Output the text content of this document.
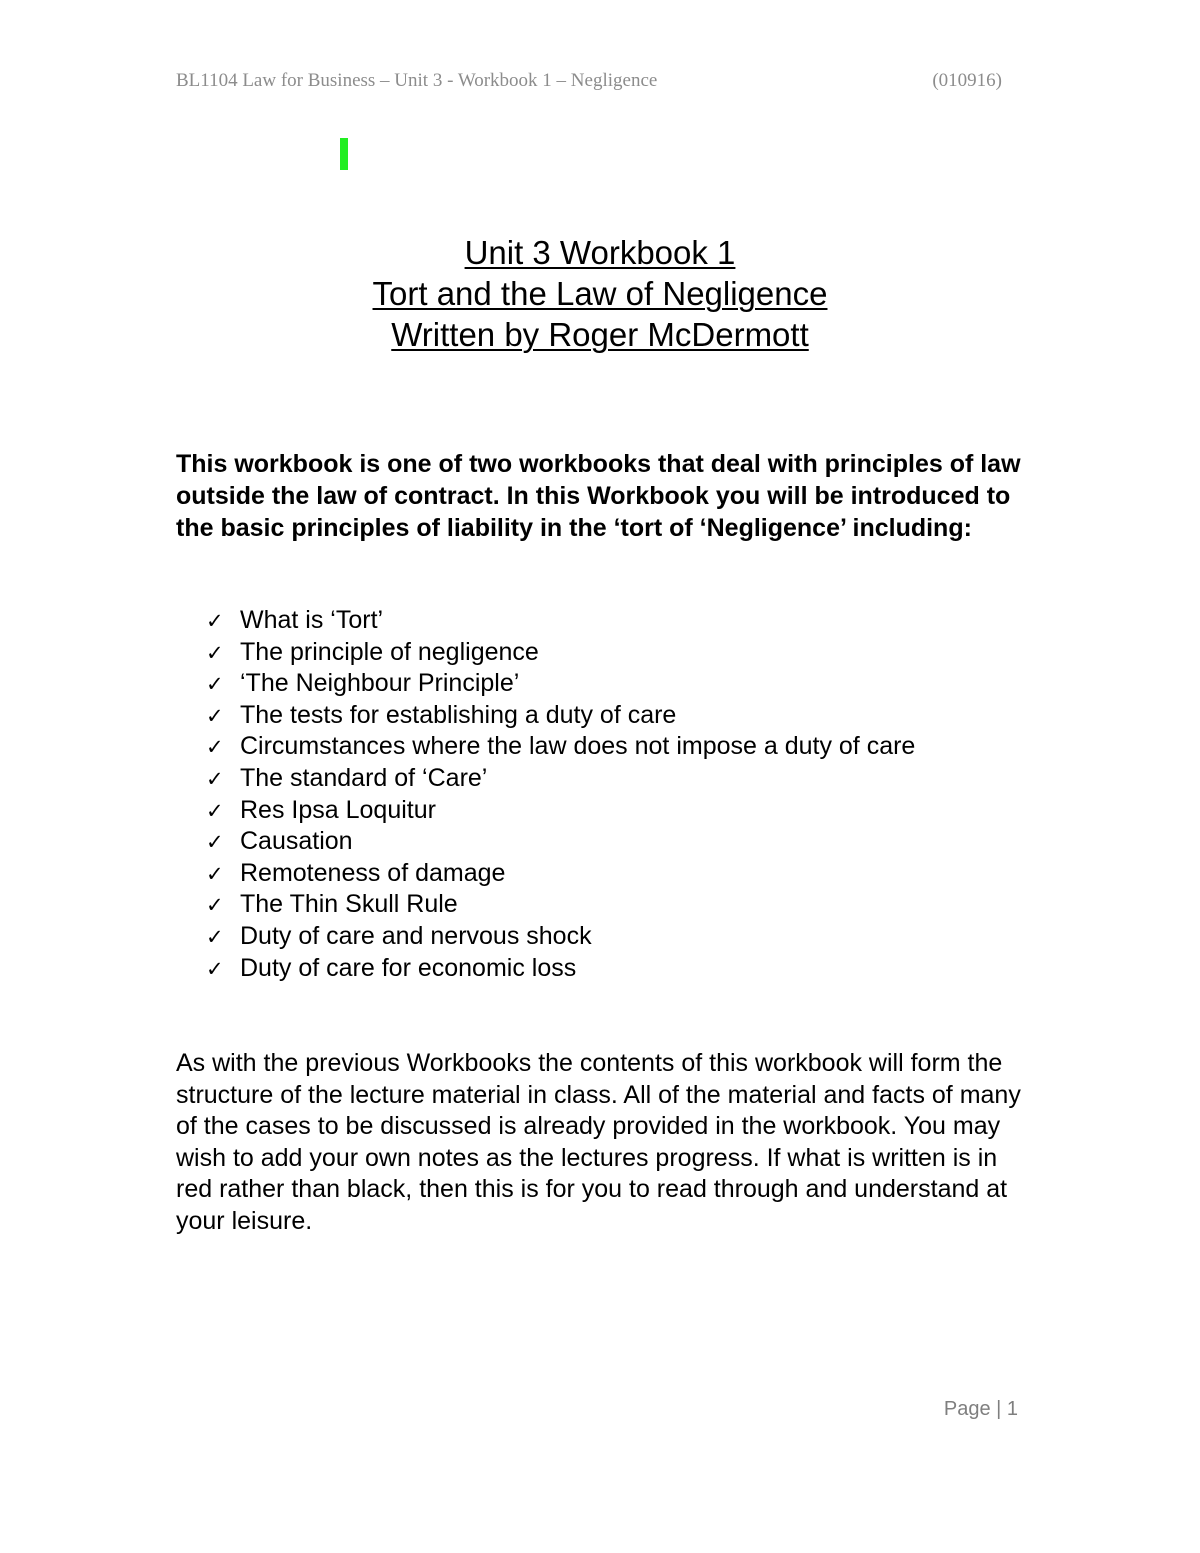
BL1104 Law for Business – Unit 3 - Workbook 1 – Negligence	(010916)
Unit 3 Workbook 1
Tort and the Law of Negligence
Written by Roger McDermott

This workbook is one of two workbooks that deal with principles of law outside the law of contract. In this Workbook you will be introduced to the basic principles of liability in the ‘tort of ‘Negligence’ including:

✓ What is ‘Tort’
✓ The principle of negligence
✓ ‘The Neighbour Principle’
✓ The tests for establishing a duty of care
✓ Circumstances where the law does not impose a duty of care
✓ The standard of ‘Care’
✓ Res Ipsa Loquitur
✓ Causation
✓ Remoteness of damage
✓ The Thin Skull Rule
✓ Duty of care and nervous shock
✓ Duty of care for economic loss

As with the previous Workbooks the contents of this workbook will form the structure of the lecture material in class. All of the material and facts of many of the cases to be discussed is already provided in the workbook. You may wish to add your own notes as the lectures progress. If what is written is in red rather than black, then this is for you to read through and understand at your leisure.

Page | 1
